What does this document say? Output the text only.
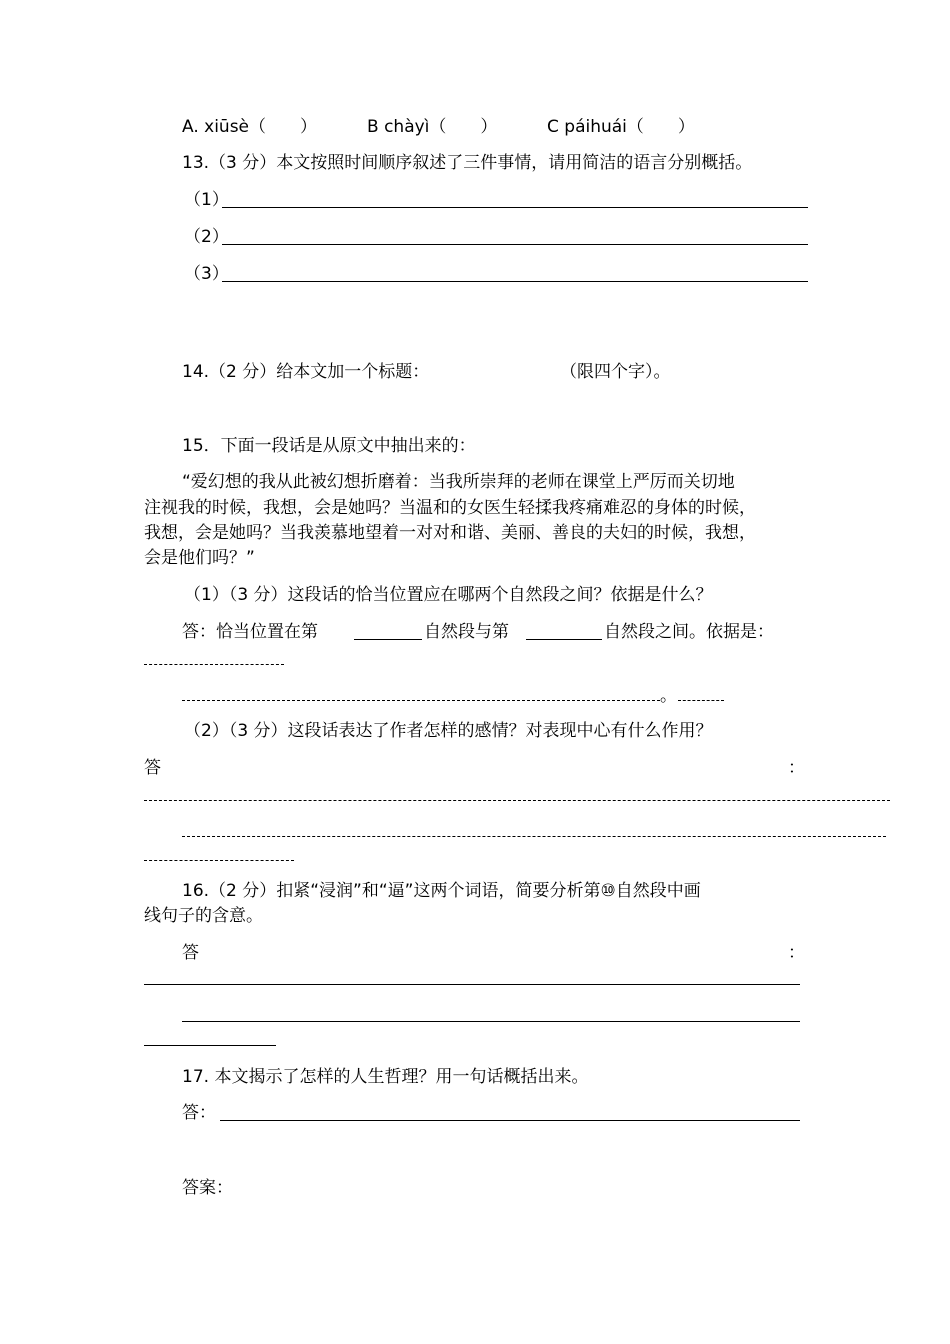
A. xiūsè（　　）	B chàyì（　　）	C páihuái（　　）
13.（3 分）本文按照时间顺序叙述了三件事情，请用简洁的语言分别概括。
（1）
（2）
（3）
14.（2 分）给本文加一个标题：	（限四个字）。
15．下面一段话是从原文中抽出来的：
“爱幻想的我从此被幻想折磨着：当我所崇拜的老师在课堂上严厉而关切地
注视我的时候，我想，会是她吗？当温和的女医生轻揉我疼痛难忍的身体的时候，
我想，会是她吗？当我羡慕地望着一对对和谐、美丽、善良的夫妇的时候，我想，
会是他们吗？”
（1）（3 分）这段话的恰当位置应在哪两个自然段之间？依据是什么？
答：恰当位置在第	自然段与第	自然段之间。依据是：
。
（2）（3 分）这段话表达了作者怎样的感情？对表现中心有什么作用？
答	：
16.（2 分）扣紧“浸润”和“逼”这两个词语，简要分析第⑩自然段中画
线句子的含意。
答	：
17. 本文揭示了怎样的人生哲理？用一句话概括出来。
答：
答案：
